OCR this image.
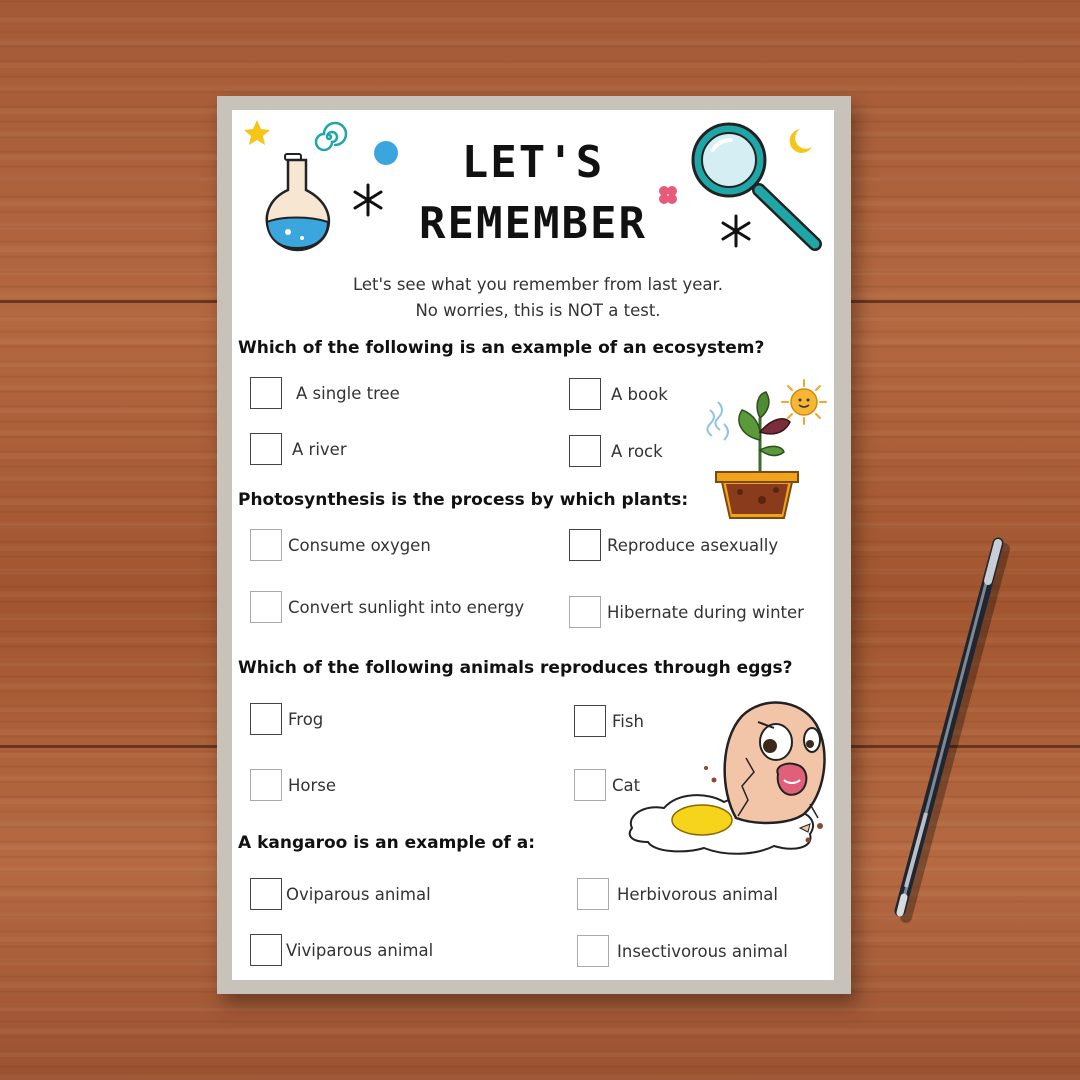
LET'S
REMEMBER

Let's see what you remember from last year.

No worries, this is NOT a test.

Which of the following is an example of an ecosystem?

A single tree	A book
A river	A rock

Photosynthesis is the process by which plants:

Consume oxygen	Reproduce asexually
Convert sunlight into energy	Hibernate during winter

Which of the following animals reproduces through eggs?

Frog	Fish
Horse	Cat

A kangaroo is an example of a:

Oviparous animal	Herbivorous animal
Viviparous animal	Insectivorous animal
